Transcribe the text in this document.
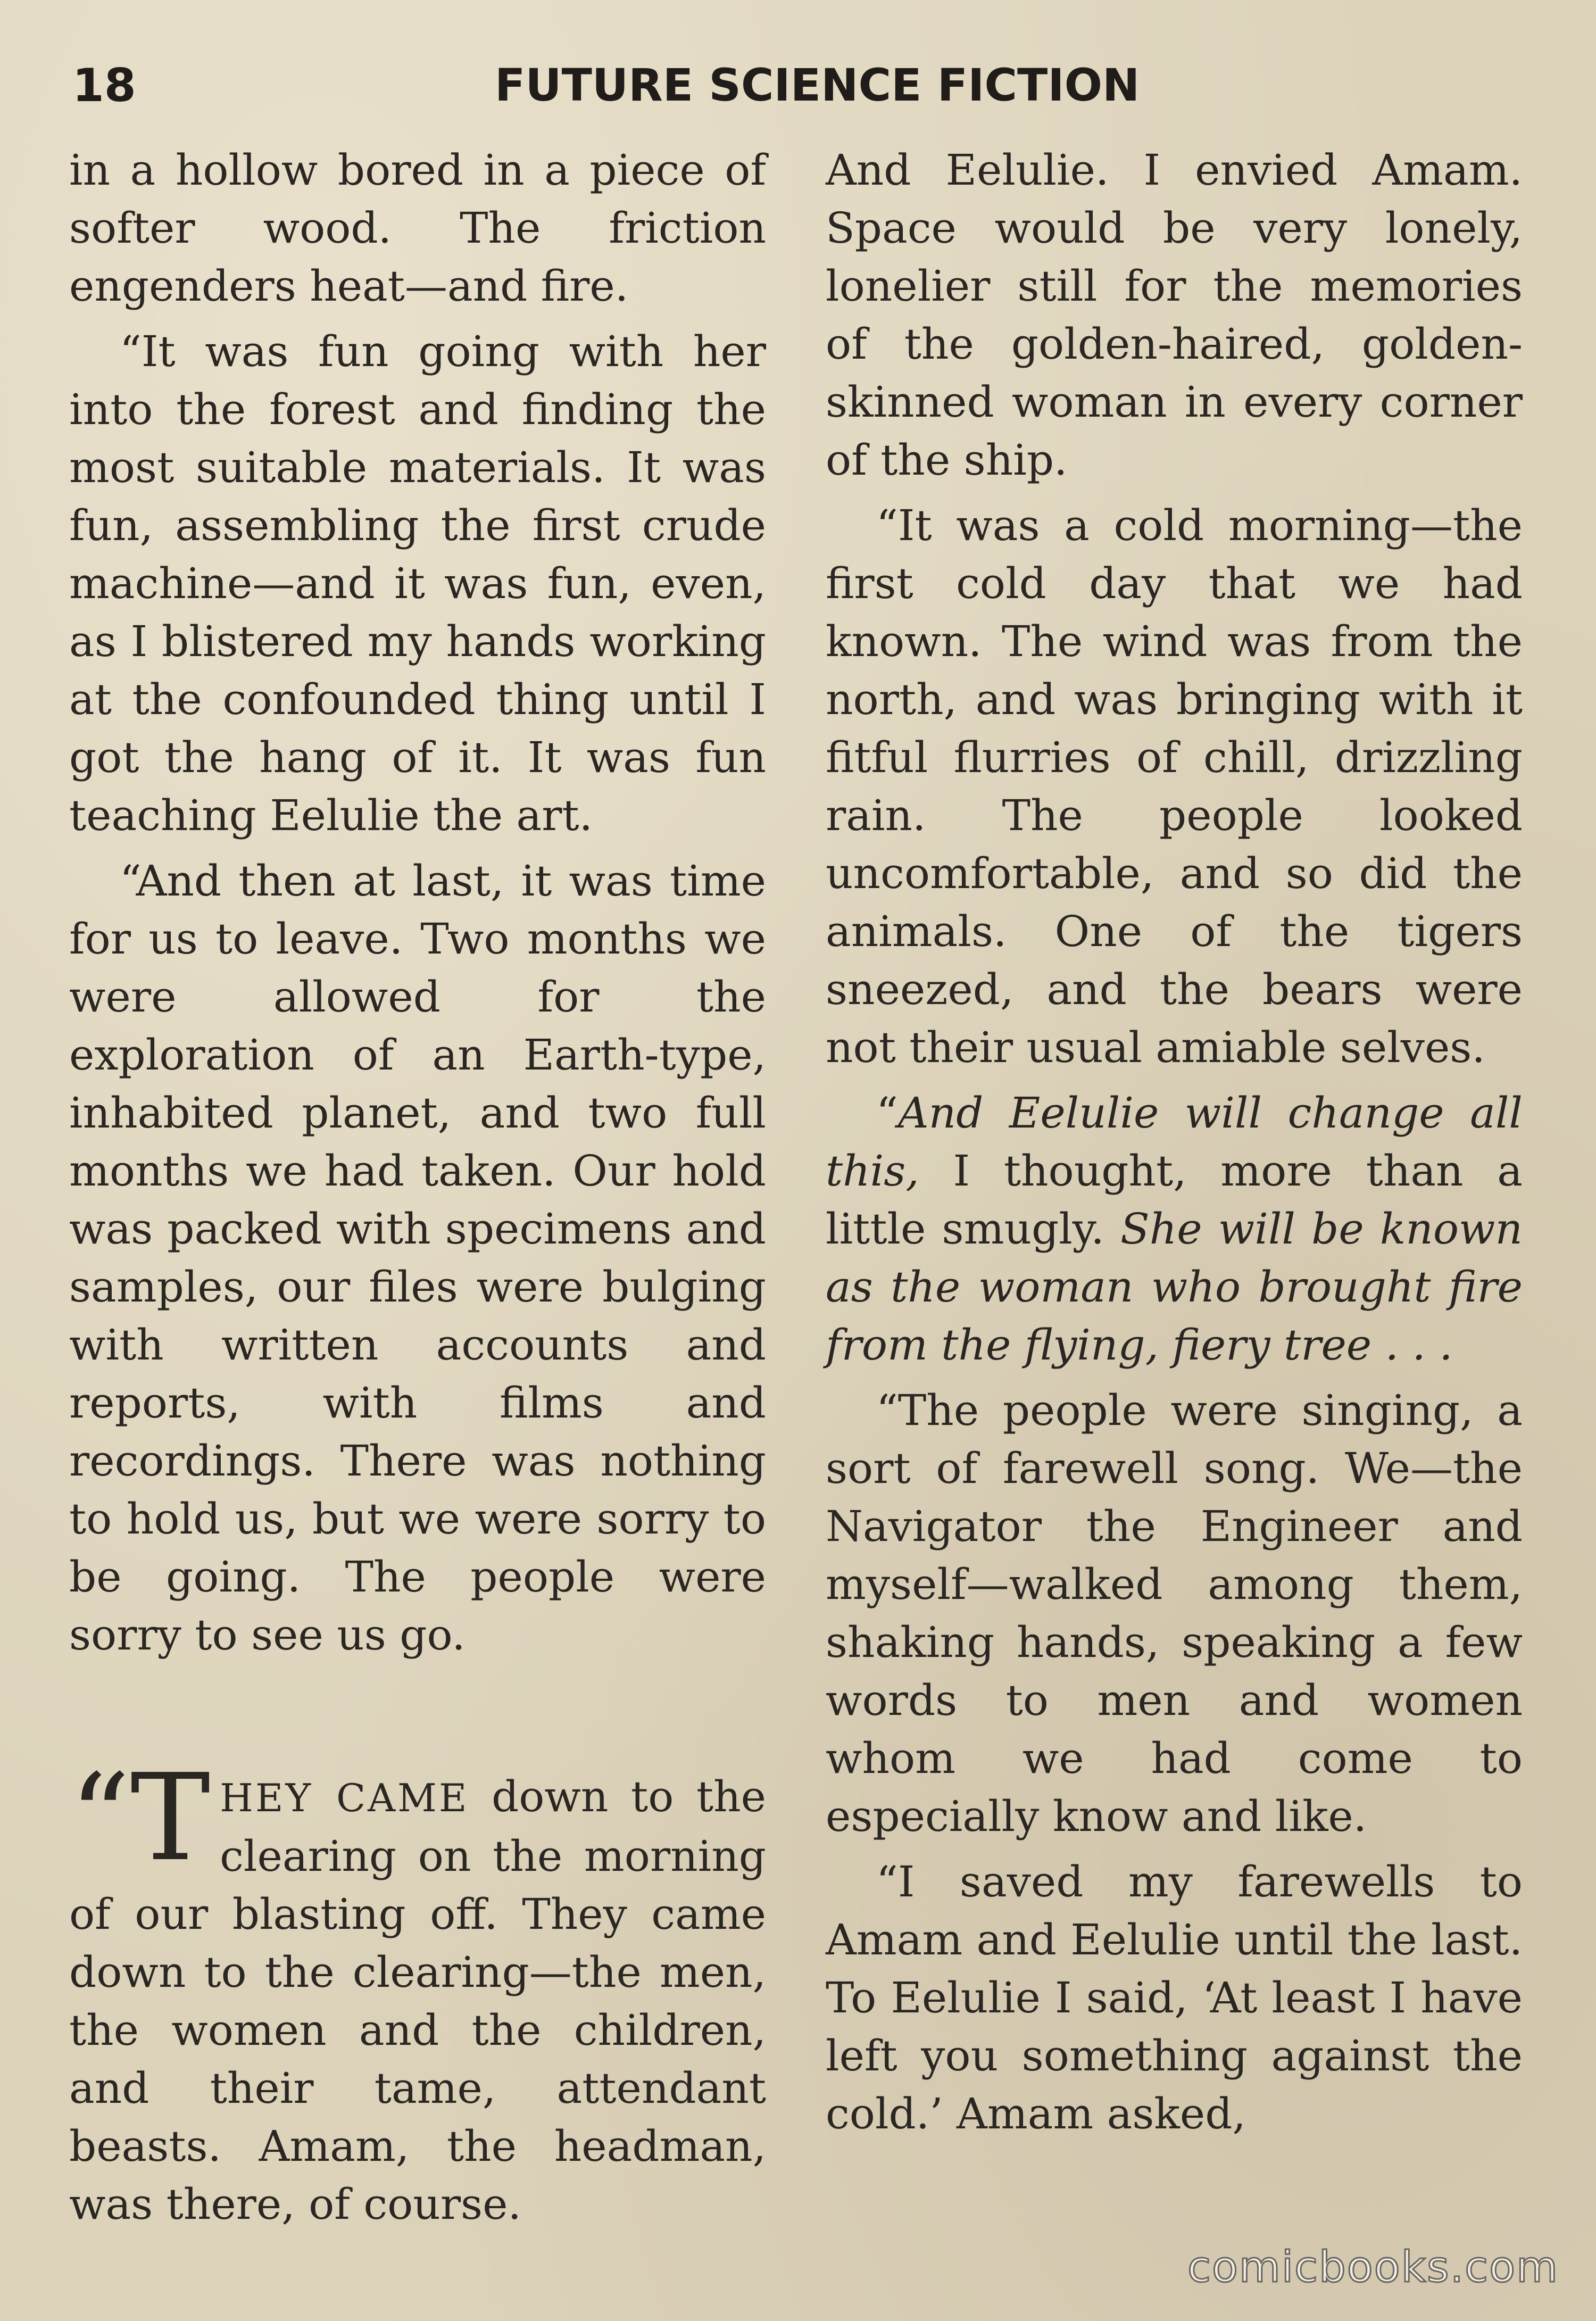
18	FUTURE SCIENCE FICTION

in a hollow bored in a piece of softer wood. The friction engenders heat—and fire.

“It was fun going with her into the forest and finding the most suitable materials. It was fun, assembling the first crude machine—and it was fun, even, as I blistered my hands working at the confounded thing until I got the hang of it. It was fun teaching Eelulie the art.

“And then at last, it was time for us to leave. Two months we were allowed for the exploration of an Earth-type, inhabited planet, and two full months we had taken. Our hold was packed with specimens and samples, our files were bulging with written accounts and reports, with films and recordings. There was nothing to hold us, but we were sorry to be going. The people were sorry to see us go.

“T HEY CAME down to the clearing on the morning of our blasting off. They came down to the clearing—the men, the women and the children, and their tame, attendant beasts. Amam, the headman, was there, of course.

And Eelulie. I envied Amam. Space would be very lonely, lonelier still for the memories of the golden-haired, golden-skinned woman in every corner of the ship.

“It was a cold morning—the first cold day that we had known. The wind was from the north, and was bringing with it fitful flurries of chill, drizzling rain. The people looked uncomfortable, and so did the animals. One of the tigers sneezed, and the bears were not their usual amiable selves.

“And Eelulie will change all this, I thought, more than a little smugly. She will be known as the woman who brought fire from the flying, fiery tree . . .

“The people were singing, a sort of farewell song. We—the Navigator the Engineer and myself—walked among them, shaking hands, speaking a few words to men and women whom we had come to especially know and like.

“I saved my farewells to Amam and Eelulie until the last. To Eelulie I said, ‘At least I have left you something against the cold.’ Amam asked,

comicbooks.com
